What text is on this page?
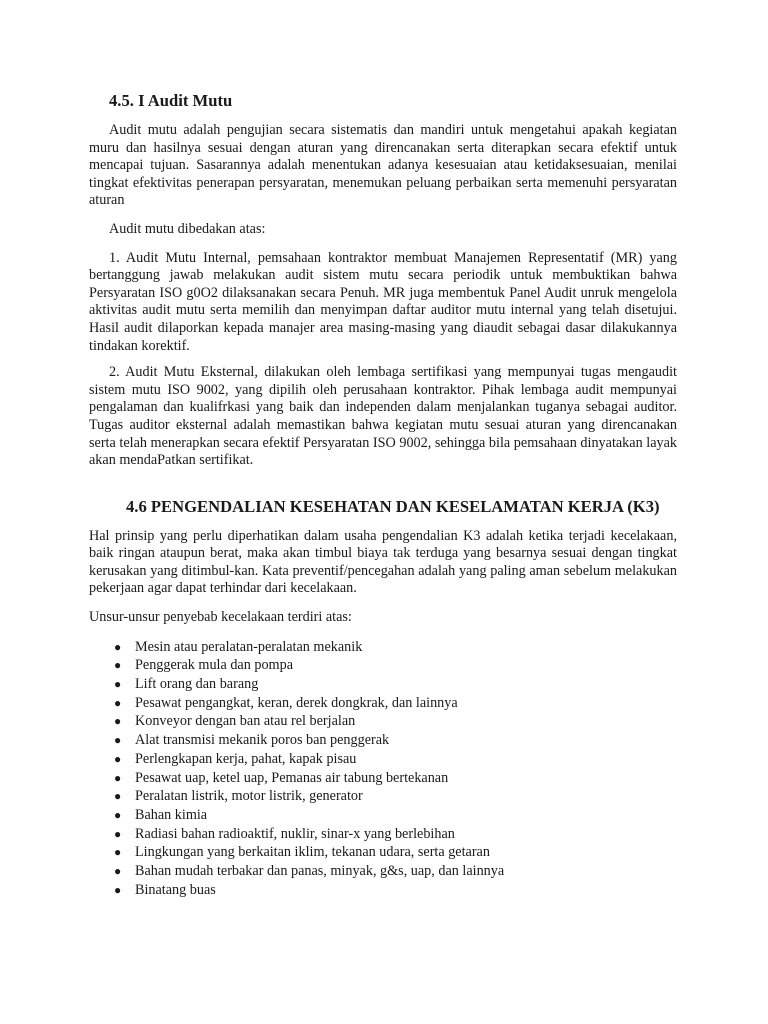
4.5. I Audit Mutu

Audit mutu adalah pengujian secara sistematis dan mandiri untuk mengetahui apakah kegiatan muru dan hasilnya sesuai dengan aturan yang direncanakan serta diterapkan secara efektif untuk mencapai tujuan. Sasarannya adalah menentukan adanya kesesuaian atau ketidaksesuaian, menilai tingkat efektivitas penerapan persyaratan, menemukan peluang perbaikan serta memenuhi persyaratan aturan

Audit mutu dibedakan atas:

1. Audit Mutu Internal, pemsahaan kontraktor membuat Manajemen Representatif (MR) yang bertanggung jawab melakukan audit sistem mutu secara periodik untuk membuktikan bahwa Persyaratan ISO g0O2 dilaksanakan secara Penuh. MR juga membentuk Panel Audit unruk mengelola aktivitas audit mutu serta memilih dan menyimpan daftar auditor mutu internal yang telah disetujui. Hasil audit dilaporkan kepada manajer area masing-masing yang diaudit sebagai dasar dilakukannya tindakan korektif.

2. Audit Mutu Eksternal, dilakukan oleh lembaga sertifikasi yang mempunyai tugas mengaudit sistem mutu ISO 9002, yang dipilih oleh perusahaan kontraktor. Pihak lembaga audit mempunyai pengalaman dan kualifrkasi yang baik dan independen dalam menjalankan tuganya sebagai auditor. Tugas auditor eksternal adalah memastikan bahwa kegiatan mutu sesuai aturan yang direncanakan serta telah menerapkan secara efektif Persyaratan ISO 9002, sehingga bila pemsahaan dinyatakan layak akan mendaPatkan sertifikat.

4.6 PENGENDALIAN KESEHATAN DAN KESELAMATAN KERJA (K3)

Hal prinsip yang perlu diperhatikan dalam usaha pengendalian K3 adalah ketika terjadi kecelakaan, baik ringan ataupun berat, maka akan timbul biaya tak terduga yang besarnya sesuai dengan tingkat kerusakan yang ditimbul-kan. Kata preventif/pencegahan adalah yang paling aman sebelum melakukan pekerjaan agar dapat terhindar dari kecelakaan.

Unsur-unsur penyebab kecelakaan terdiri atas:

● Mesin atau peralatan-peralatan mekanik
● Penggerak mula dan pompa
● Lift orang dan barang
● Pesawat pengangkat, keran, derek dongkrak, dan lainnya
● Konveyor dengan ban atau rel berjalan
● Alat transmisi mekanik poros ban penggerak
● Perlengkapan kerja, pahat, kapak pisau
● Pesawat uap, ketel uap, Pemanas air tabung bertekanan
● Peralatan listrik, motor listrik, generator
● Bahan kimia
● Radiasi bahan radioaktif, nuklir, sinar-x yang berlebihan
● Lingkungan yang berkaitan iklim, tekanan udara, serta getaran
● Bahan mudah terbakar dan panas, minyak, g&s, uap, dan lainnya
● Binatang buas
